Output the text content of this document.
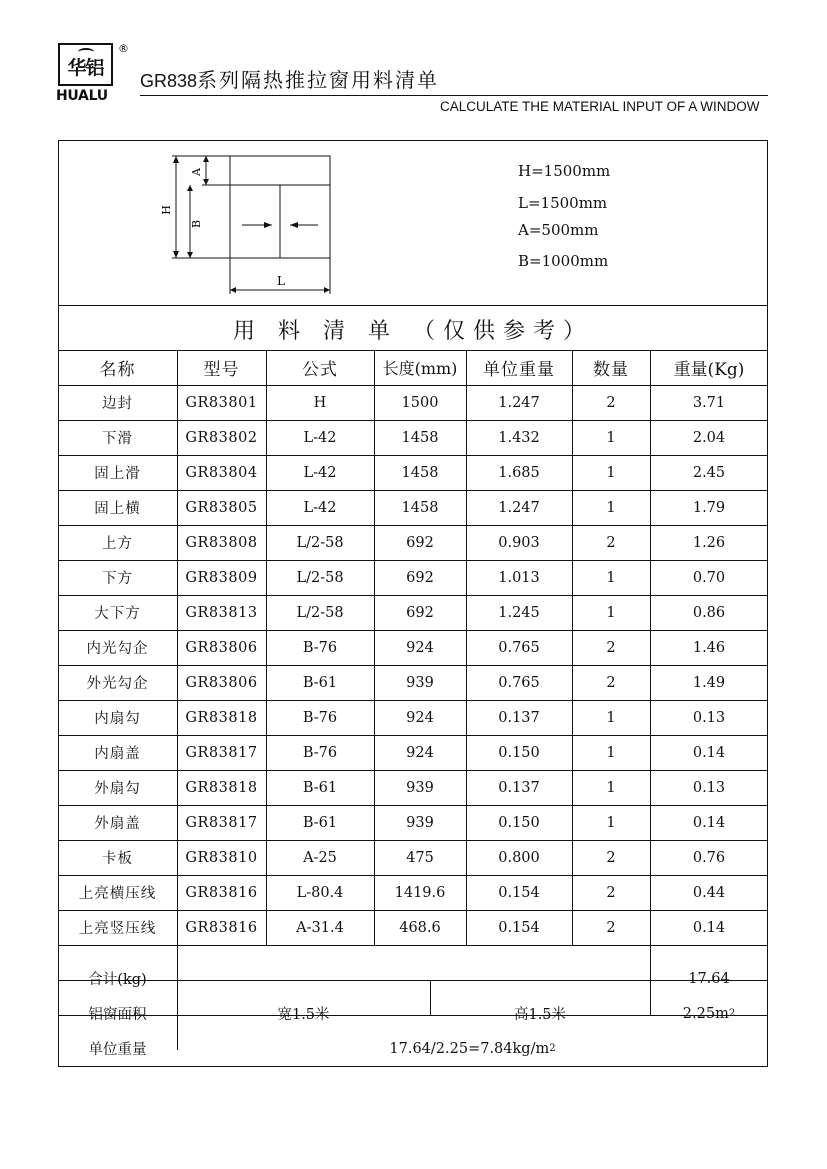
华铝
®
HUALU
GR838系列隔热推拉窗用料清单
CALCULATE THE MATERIAL INPUT OF A WINDOW
H
B
A
L
H=1500mm
L=1500mm
A=500mm
B=1000mm
用 料 清 单 （仅供参考）
名称	型号	公式	长度(mm)	单位重量	数量	重量(Kg)
边封	GR83801	H	1500	1.247	2	3.71
下滑	GR83802	L-42	1458	1.432	1	2.04
固上滑	GR83804	L-42	1458	1.685	1	2.45
固上横	GR83805	L-42	1458	1.247	1	1.79
上方	GR83808	L/2-58	692	0.903	2	1.26
下方	GR83809	L/2-58	692	1.013	1	0.70
大下方	GR83813	L/2-58	692	1.245	1	0.86
内光勾企	GR83806	B-76	924	0.765	2	1.46
外光勾企	GR83806	B-61	939	0.765	2	1.49
内扇勾	GR83818	B-76	924	0.137	1	0.13
内扇盖	GR83817	B-76	924	0.150	1	0.14
外扇勾	GR83818	B-61	939	0.137	1	0.13
外扇盖	GR83817	B-61	939	0.150	1	0.14
卡板	GR83810	A-25	475	0.800	2	0.76
上亮横压线	GR83816	L-80.4	1419.6	0.154	2	0.44
上亮竖压线	GR83816	A-31.4	468.6	0.154	2	0.14
合计(kg)	17.64
铝窗面积	宽1.5米	高1.5米	2.25m 2
单位重量	17.64/2.25=7.84kg/m 2
